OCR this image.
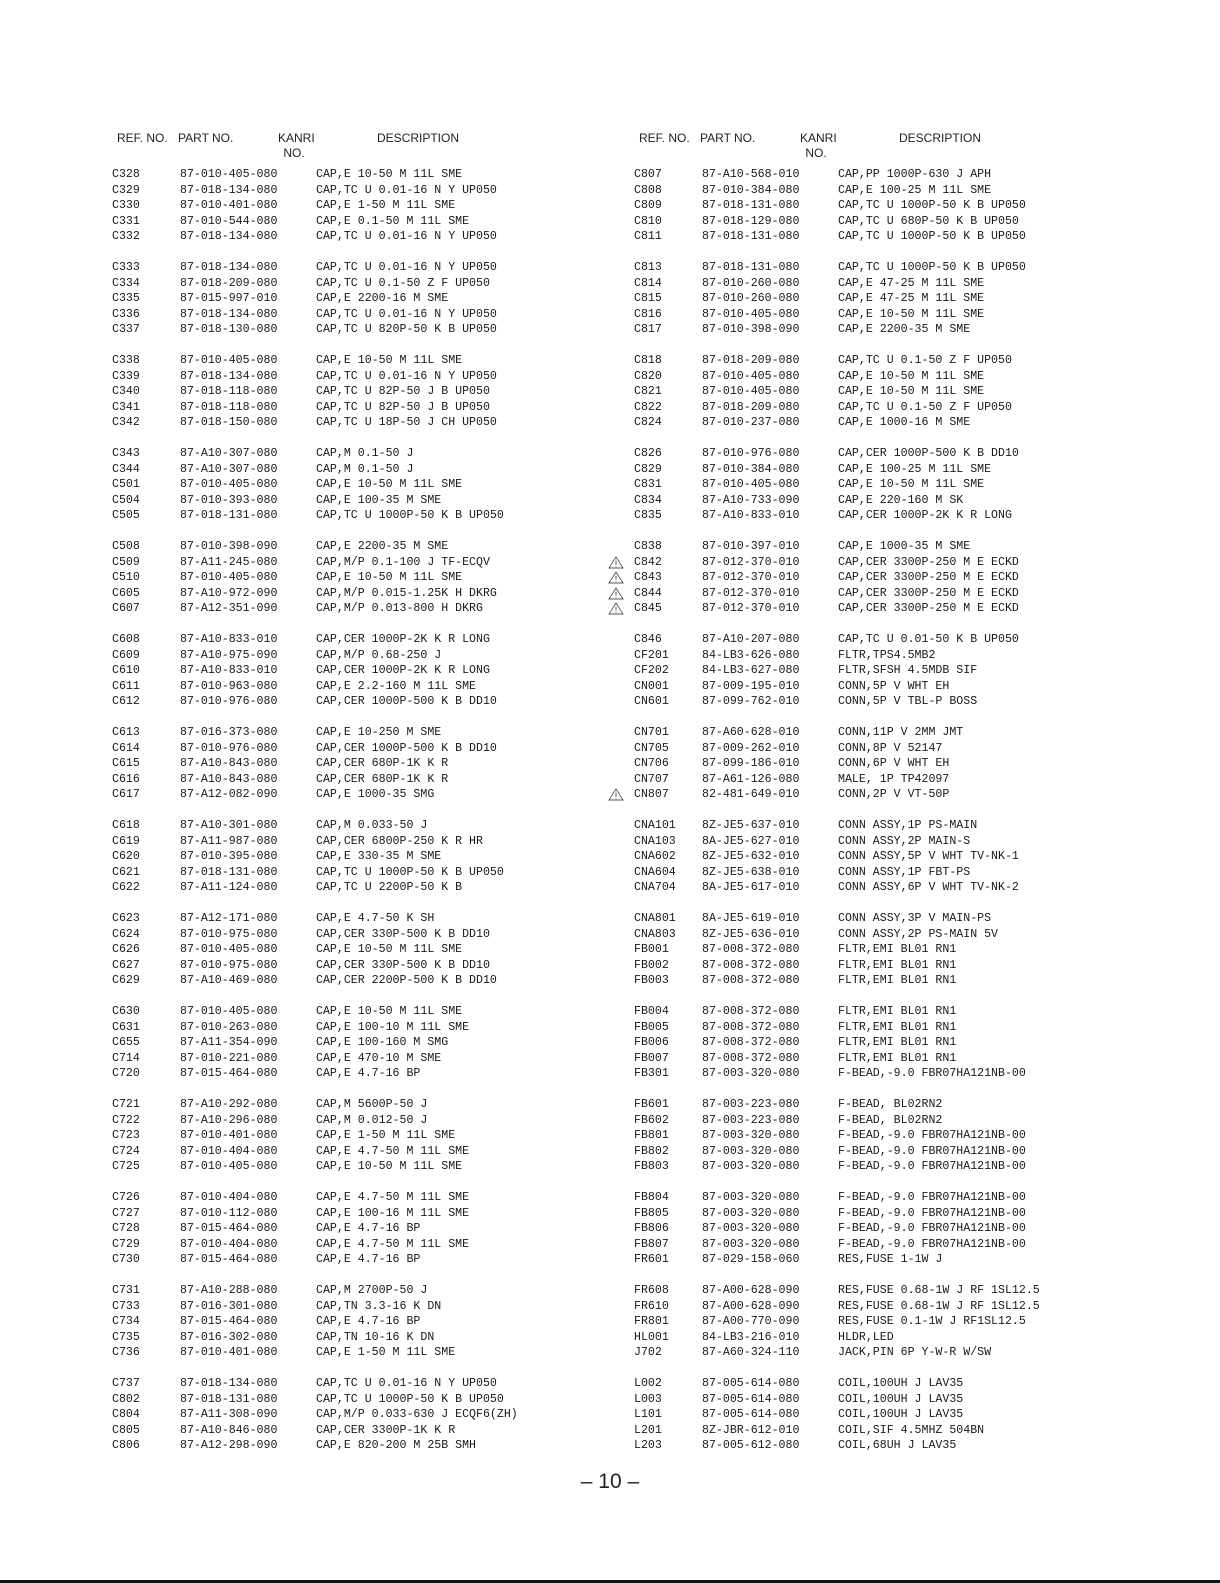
REF. NO. PART NO.	KANRI
NO.
DESCRIPTION
C328	87-010-405-080	CAP,E 10-50 M 11L SME
C329	87-018-134-080	CAP,TC U 0.01-16 N Y UP050
C330	87-010-401-080	CAP,E 1-50 M 11L SME
C331	87-010-544-080	CAP,E 0.1-50 M 11L SME
C332	87-018-134-080	CAP,TC U 0.01-16 N Y UP050
C333	87-018-134-080	CAP,TC U 0.01-16 N Y UP050
C334	87-018-209-080	CAP,TC U 0.1-50 Z F UP050
C335	87-015-997-010	CAP,E 2200-16 M SME
C336	87-018-134-080	CAP,TC U 0.01-16 N Y UP050
C337	87-018-130-080	CAP,TC U 820P-50 K B UP050
C338	87-010-405-080	CAP,E 10-50 M 11L SME
C339	87-018-134-080	CAP,TC U 0.01-16 N Y UP050
C340	87-018-118-080	CAP,TC U 82P-50 J B UP050
C341	87-018-118-080	CAP,TC U 82P-50 J B UP050
C342	87-018-150-080	CAP,TC U 18P-50 J CH UP050
C343	87-A10-307-080	CAP,M 0.1-50 J
C344	87-A10-307-080	CAP,M 0.1-50 J
C501	87-010-405-080	CAP,E 10-50 M 11L SME
C504	87-010-393-080	CAP,E 100-35 M SME
C505	87-018-131-080	CAP,TC U 1000P-50 K B UP050
C508	87-010-398-090	CAP,E 2200-35 M SME
C509	87-A11-245-080	CAP,M/P 0.1-100 J TF-ECQV
C510	87-010-405-080	CAP,E 10-50 M 11L SME
C605	87-A10-972-090	CAP,M/P 0.015-1.25K H DKRG
C607	87-A12-351-090	CAP,M/P 0.013-800 H DKRG
C608	87-A10-833-010	CAP,CER 1000P-2K K R LONG
C609	87-A10-975-090	CAP,M/P 0.68-250 J
C610	87-A10-833-010	CAP,CER 1000P-2K K R LONG
C611	87-010-963-080	CAP,E 2.2-160 M 11L SME
C612	87-010-976-080	CAP,CER 1000P-500 K B DD10
C613	87-016-373-080	CAP,E 10-250 M SME
C614	87-010-976-080	CAP,CER 1000P-500 K B DD10
C615	87-A10-843-080	CAP,CER 680P-1K K R
C616	87-A10-843-080	CAP,CER 680P-1K K R
C617	87-A12-082-090	CAP,E 1000-35 SMG
C618	87-A10-301-080	CAP,M 0.033-50 J
C619	87-A11-987-080	CAP,CER 6800P-250 K R HR
C620	87-010-395-080	CAP,E 330-35 M SME
C621	87-018-131-080	CAP,TC U 1000P-50 K B UP050
C622	87-A11-124-080	CAP,TC U 2200P-50 K B
C623	87-A12-171-080	CAP,E 4.7-50 K SH
C624	87-010-975-080	CAP,CER 330P-500 K B DD10
C626	87-010-405-080	CAP,E 10-50 M 11L SME
C627	87-010-975-080	CAP,CER 330P-500 K B DD10
C629	87-A10-469-080	CAP,CER 2200P-500 K B DD10
C630	87-010-405-080	CAP,E 10-50 M 11L SME
C631	87-010-263-080	CAP,E 100-10 M 11L SME
C655	87-A11-354-090	CAP,E 100-160 M SMG
C714	87-010-221-080	CAP,E 470-10 M SME
C720	87-015-464-080	CAP,E 4.7-16 BP
C721	87-A10-292-080	CAP,M 5600P-50 J
C722	87-A10-296-080	CAP,M 0.012-50 J
C723	87-010-401-080	CAP,E 1-50 M 11L SME
C724	87-010-404-080	CAP,E 4.7-50 M 11L SME
C725	87-010-405-080	CAP,E 10-50 M 11L SME
C726	87-010-404-080	CAP,E 4.7-50 M 11L SME
C727	87-010-112-080	CAP,E 100-16 M 11L SME
C728	87-015-464-080	CAP,E 4.7-16 BP
C729	87-010-404-080	CAP,E 4.7-50 M 11L SME
C730	87-015-464-080	CAP,E 4.7-16 BP
C731	87-A10-288-080	CAP,M 2700P-50 J
C733	87-016-301-080	CAP,TN 3.3-16 K DN
C734	87-015-464-080	CAP,E 4.7-16 BP
C735	87-016-302-080	CAP,TN 10-16 K DN
C736	87-010-401-080	CAP,E 1-50 M 11L SME
C737	87-018-134-080	CAP,TC U 0.01-16 N Y UP050
C802	87-018-131-080	CAP,TC U 1000P-50 K B UP050
C804	87-A11-308-090	CAP,M/P 0.033-630 J ECQF6(ZH)
C805	87-A10-846-080	CAP,CER 3300P-1K K R
C806	87-A12-298-090	CAP,E 820-200 M 25B SMH
REF. NO. PART NO.	KANRI
NO.
DESCRIPTION
C807	87-A10-568-010	CAP,PP 1000P-630 J APH
C808	87-010-384-080	CAP,E 100-25 M 11L SME
C809	87-018-131-080	CAP,TC U 1000P-50 K B UP050
C810	87-018-129-080	CAP,TC U 680P-50 K B UP050
C811	87-018-131-080	CAP,TC U 1000P-50 K B UP050
C813	87-018-131-080	CAP,TC U 1000P-50 K B UP050
C814	87-010-260-080	CAP,E 47-25 M 11L SME
C815	87-010-260-080	CAP,E 47-25 M 11L SME
C816	87-010-405-080	CAP,E 10-50 M 11L SME
C817	87-010-398-090	CAP,E 2200-35 M SME
C818	87-018-209-080	CAP,TC U 0.1-50 Z F UP050
C820	87-010-405-080	CAP,E 10-50 M 11L SME
C821	87-010-405-080	CAP,E 10-50 M 11L SME
C822	87-018-209-080	CAP,TC U 0.1-50 Z F UP050
C824	87-010-237-080	CAP,E 1000-16 M SME
C826	87-010-976-080	CAP,CER 1000P-500 K B DD10
C829	87-010-384-080	CAP,E 100-25 M 11L SME
C831	87-010-405-080	CAP,E 10-50 M 11L SME
C834	87-A10-733-090	CAP,E 220-160 M SK
C835	87-A10-833-010	CAP,CER 1000P-2K K R LONG
C838	87-010-397-010	CAP,E 1000-35 M SME
C842	87-012-370-010	CAP,CER 3300P-250 M E ECKD
C843	87-012-370-010	CAP,CER 3300P-250 M E ECKD
C844	87-012-370-010	CAP,CER 3300P-250 M E ECKD
C845	87-012-370-010	CAP,CER 3300P-250 M E ECKD
C846	87-A10-207-080	CAP,TC U 0.01-50 K B UP050
CF201	84-LB3-626-080	FLTR,TPS4.5MB2
CF202	84-LB3-627-080	FLTR,SFSH 4.5MDB SIF
CN001	87-009-195-010	CONN,5P V WHT EH
CN601	87-099-762-010	CONN,5P V TBL-P BOSS
CN701	87-A60-628-010	CONN,11P V 2MM JMT
CN705	87-009-262-010	CONN,8P V 52147
CN706	87-099-186-010	CONN,6P V WHT EH
CN707	87-A61-126-080	MALE, 1P TP42097
CN807	82-481-649-010	CONN,2P V VT-50P
CNA101 8Z-JE5-637-010	CONN ASSY,1P PS-MAIN
CNA103 8A-JE5-627-010	CONN ASSY,2P MAIN-S
CNA602 8Z-JE5-632-010	CONN ASSY,5P V WHT TV-NK-1
CNA604 8Z-JE5-638-010	CONN ASSY,1P FBT-PS
CNA704 8A-JE5-617-010	CONN ASSY,6P V WHT TV-NK-2
CNA801 8A-JE5-619-010	CONN ASSY,3P V MAIN-PS
CNA803 8Z-JE5-636-010	CONN ASSY,2P PS-MAIN 5V
FB001	87-008-372-080	FLTR,EMI BL01 RN1
FB002	87-008-372-080	FLTR,EMI BL01 RN1
FB003	87-008-372-080	FLTR,EMI BL01 RN1
FB004	87-008-372-080	FLTR,EMI BL01 RN1
FB005	87-008-372-080	FLTR,EMI BL01 RN1
FB006	87-008-372-080	FLTR,EMI BL01 RN1
FB007	87-008-372-080	FLTR,EMI BL01 RN1
FB301	87-003-320-080	F-BEAD,-9.0 FBR07HA121NB-00
FB601	87-003-223-080	F-BEAD, BL02RN2
FB602	87-003-223-080	F-BEAD, BL02RN2
FB801	87-003-320-080	F-BEAD,-9.0 FBR07HA121NB-00
FB802	87-003-320-080	F-BEAD,-9.0 FBR07HA121NB-00
FB803	87-003-320-080	F-BEAD,-9.0 FBR07HA121NB-00
FB804	87-003-320-080	F-BEAD,-9.0 FBR07HA121NB-00
FB805	87-003-320-080	F-BEAD,-9.0 FBR07HA121NB-00
FB806	87-003-320-080	F-BEAD,-9.0 FBR07HA121NB-00
FB807	87-003-320-080	F-BEAD,-9.0 FBR07HA121NB-00
FR601	87-029-158-060	RES,FUSE 1-1W J
FR608	87-A00-628-090	RES,FUSE 0.68-1W J RF 1SL12.5
FR610	87-A00-628-090	RES,FUSE 0.68-1W J RF 1SL12.5
FR801	87-A00-770-090	RES,FUSE 0.1-1W J RF1SL12.5
HL001	84-LB3-216-010	HLDR,LED
J702	87-A60-324-110	JACK,PIN 6P Y-W-R W/SW
L002	87-005-614-080	COIL,100UH J LAV35
L003	87-005-614-080	COIL,100UH J LAV35
L101	87-005-614-080	COIL,100UH J LAV35
L201	8Z-JBR-612-010	COIL,SIF 4.5MHZ 504BN
L203	87-005-612-080	COIL,68UH J LAV35
– 10 –
